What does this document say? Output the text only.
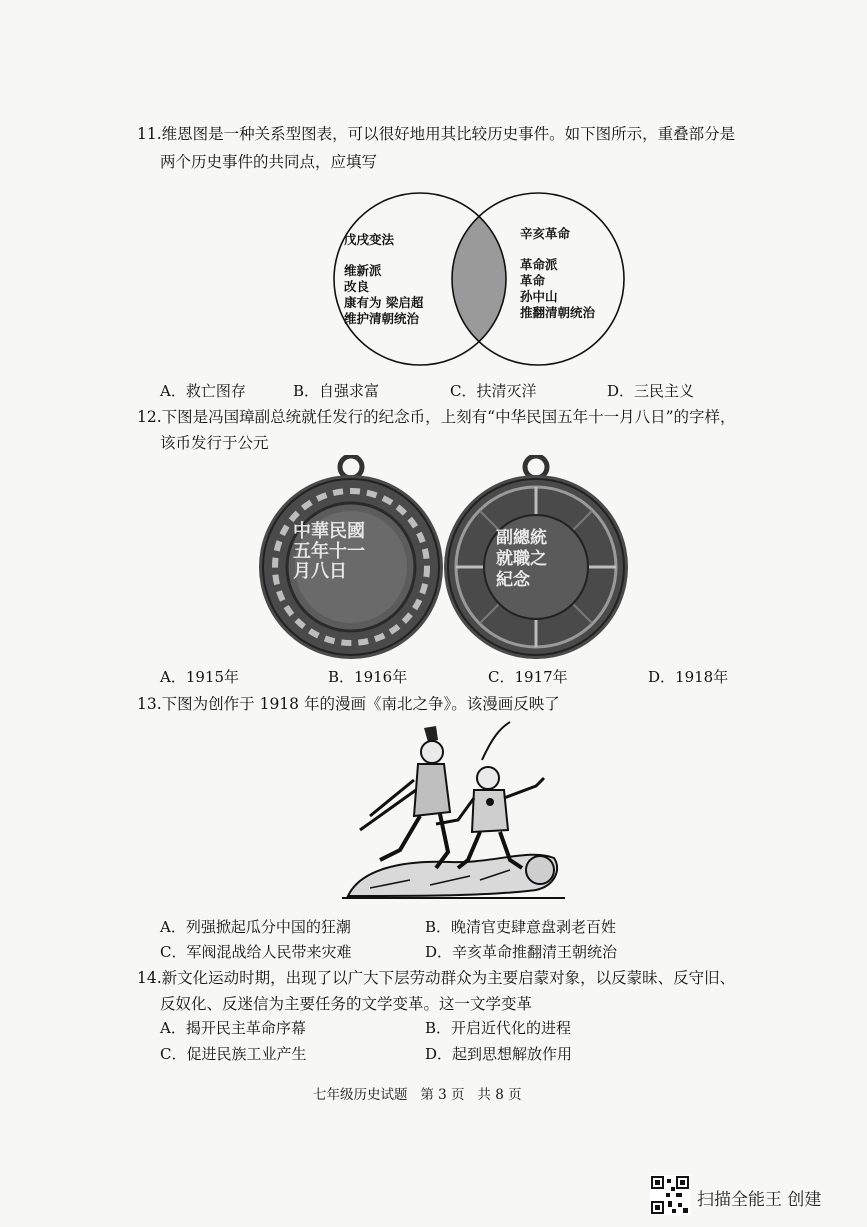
11.维恩图是一种关系型图表，可以很好地用其比较历史事件。如下图所示，重叠部分是
两个历史事件的共同点，应填写
戊戌变法
维新派
改良
康有为 梁启超
维护清朝统治
辛亥革命
革命派
革命
孙中山
推翻清朝统治
A．救亡图存	B．自强求富	C．扶清灭洋	D．三民主义
12.下图是冯国璋副总统就任发行的纪念币，上刻有“中华民国五年十一月八日”的字样，
该币发行于公元
中華民國
五年十一
月八日
副總統
就職之
紀念
A．1915年	B．1916年	C．1917年	D．1918年
13.下图为创作于 1918 年的漫画《南北之争》。该漫画反映了
A．列强掀起瓜分中国的狂潮	B．晚清官吏肆意盘剥老百姓
C．军阀混战给人民带来灾难	D．辛亥革命推翻清王朝统治
14.新文化运动时期，出现了以广大下层劳动群众为主要启蒙对象，以反蒙昧、反守旧、
反奴化、反迷信为主要任务的文学变革。这一文学变革
A．揭开民主革命序幕	B．开启近代化的进程
C．促进民族工业产生	D．起到思想解放作用
七年级历史试题   第 3 页   共 8 页
扫描全能王 创建
